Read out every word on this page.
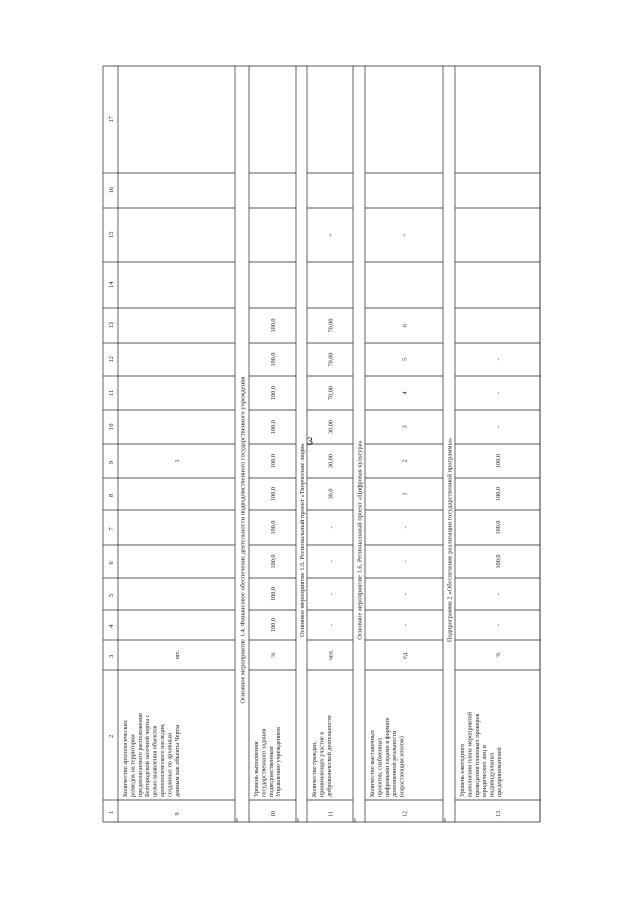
3
1
2
3
4
5
6
7
8
9
10
11
12
13
14
15
16
17
9
Количество археологических разведок на территории предполагаемого расположения Белгородской засечной черты с целью выявления объектов археологического наследия, созданных по архивным данным как объекты Черты
шт.
1	Основное мероприятие 1.4. Финансовое обеспечение деятельности подведомственного государственного учреждения
10
Уровень выполнения государственного задания подведомственным Управлению учреждением
%
100,0
100,0
100,0
100,0
100,0
100,0
100,0
100,0
100,0
100,0
Основное мероприятие 1.5. Региональный проект «Творческие люди»
11
Количество граждан, принимающих участие в добровольческой деятельности
чел.
-
-
-
-
30,0
30,00
30,00
70,00
70,00
70,00
+
Основное мероприятие 1.6. Региональный проект «Цифровая культура»
12
Количество выставочных проектов, снабженных цифровыми гидами в формате дополненной реальности (нарастающим итогом)
ед.
-
-
-
-
1
2
3
4
5
6
+
Подпрограмма 2 «Обеспечение реализации государственной программы»
13
Уровень ежегодного выполнения плана мероприятий проведения плановых проверок юридических лиц и индивидуальных предпринимателей
%
-
-
100,0
100,0
100,0
100,0
-
-
-
